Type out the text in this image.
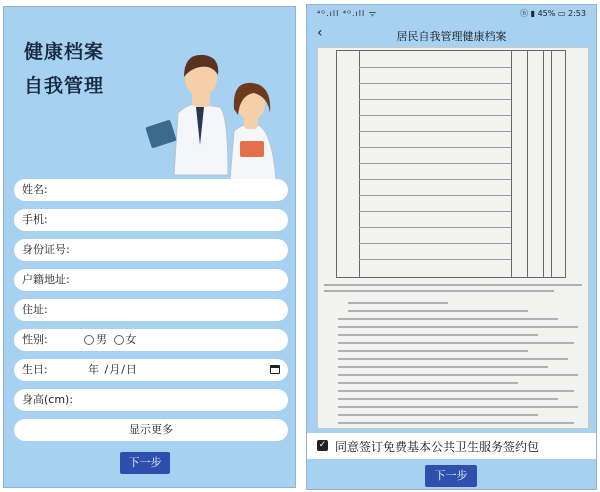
健康档案
自我管理
姓名:
手机:
身份证号:
户籍地址:
住址:
性别:	男 女
生日:	年 /月/日
身高(cm):
显示更多
下一步
⁴ᴳ.ıll ⁴ᴳ.ıll ᯤ	ⓝ ▮ 45% ▭ 2:53
‹	居民自我管理健康档案
✓ 同意签订免费基本公共卫生服务签约包
下一步
